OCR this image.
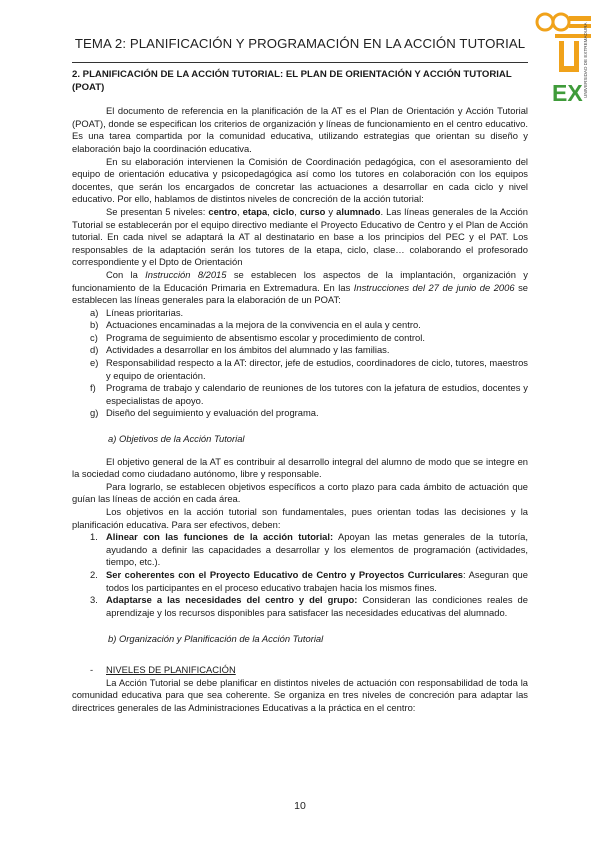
TEMA 2: PLANIFICACIÓN Y PROGRAMACIÓN EN LA ACCIÓN TUTORIAL
EX UNIVERSIDAD DE EXTREMADURA
2. PLANIFICACIÓN DE LA ACCIÓN TUTORIAL: EL PLAN DE ORIENTACIÓN Y ACCIÓN TUTORIAL (POAT)

El documento de referencia en la planificación de la AT es el Plan de Orientación y Acción Tutorial (POAT), donde se especifican los criterios de organización y líneas de funcionamiento en el centro educativo. Es una tarea compartida por la comunidad educativa, utilizando estrategias que orientan su diseño y elaboración bajo la coordinación educativa.

En su elaboración intervienen la Comisión de Coordinación pedagógica, con el asesoramiento del equipo de orientación educativa y psicopedagógica así como los tutores en colaboración con los equipos docentes, que serán los encargados de concretar las actuaciones a desarrollar en cada ciclo y nivel educativo. Por ello, hablamos de distintos niveles de concreción de la acción tutorial:

Se presentan 5 niveles: centro, etapa, ciclo, curso y alumnado. Las líneas generales de la Acción Tutorial se establecerán por el equipo directivo mediante el Proyecto Educativo de Centro y el Plan de Acción tutorial. En cada nivel se adaptará la AT al destinatario en base a los principios del PEC y el PAT. Los responsables de la adaptación serán los tutores de la etapa, ciclo, clase… colaborando el profesorado correspondiente y el Dpto de Orientación

Con la Instrucción 8/2015 se establecen los aspectos de la implantación, organización y funcionamiento de la Educación Primaria en Extremadura. En las Instrucciones del 27 de junio de 2006 se establecen las líneas generales para la elaboración de un POAT:

a) Líneas prioritarias.
b) Actuaciones encaminadas a la mejora de la convivencia en el aula y centro.
c) Programa de seguimiento de absentismo escolar y procedimiento de control.
d) Actividades a desarrollar en los ámbitos del alumnado y las familias.
e) Responsabilidad respecto a la AT: director, jefe de estudios, coordinadores de ciclo, tutores, maestros y equipo de orientación.
f) Programa de trabajo y calendario de reuniones de los tutores con la jefatura de estudios, docentes y especialistas de apoyo.
g) Diseño del seguimiento y evaluación del programa.
a) Objetivos de la Acción Tutorial

El objetivo general de la AT es contribuir al desarrollo integral del alumno de modo que se integre en la sociedad como ciudadano autónomo, libre y responsable.

Para lograrlo, se establecen objetivos específicos a corto plazo para cada ámbito de actuación que guían las líneas de acción en cada área.

Los objetivos en la acción tutorial son fundamentales, pues orientan todas las decisiones y la planificación educativa. Para ser efectivos, deben:

1. Alinear con las funciones de la acción tutorial: Apoyan las metas generales de la tutoría, ayudando a definir las capacidades a desarrollar y los elementos de programación (actividades, tiempo, etc.).
2. Ser coherentes con el Proyecto Educativo de Centro y Proyectos Curriculares: Aseguran que todos los participantes en el proceso educativo trabajen hacia los mismos fines.
3. Adaptarse a las necesidades del centro y del grupo: Consideran las condiciones reales de aprendizaje y los recursos disponibles para satisfacer las necesidades educativas del alumnado.
b) Organización y Planificación de la Acción Tutorial
- NIVELES DE PLANIFICACIÓN

La Acción Tutorial se debe planificar en distintos niveles de actuación con responsabilidad de toda la comunidad educativa para que sea coherente. Se organiza en tres niveles de concreción para adaptar las directrices generales de las Administraciones Educativas a la práctica en el centro:

10
